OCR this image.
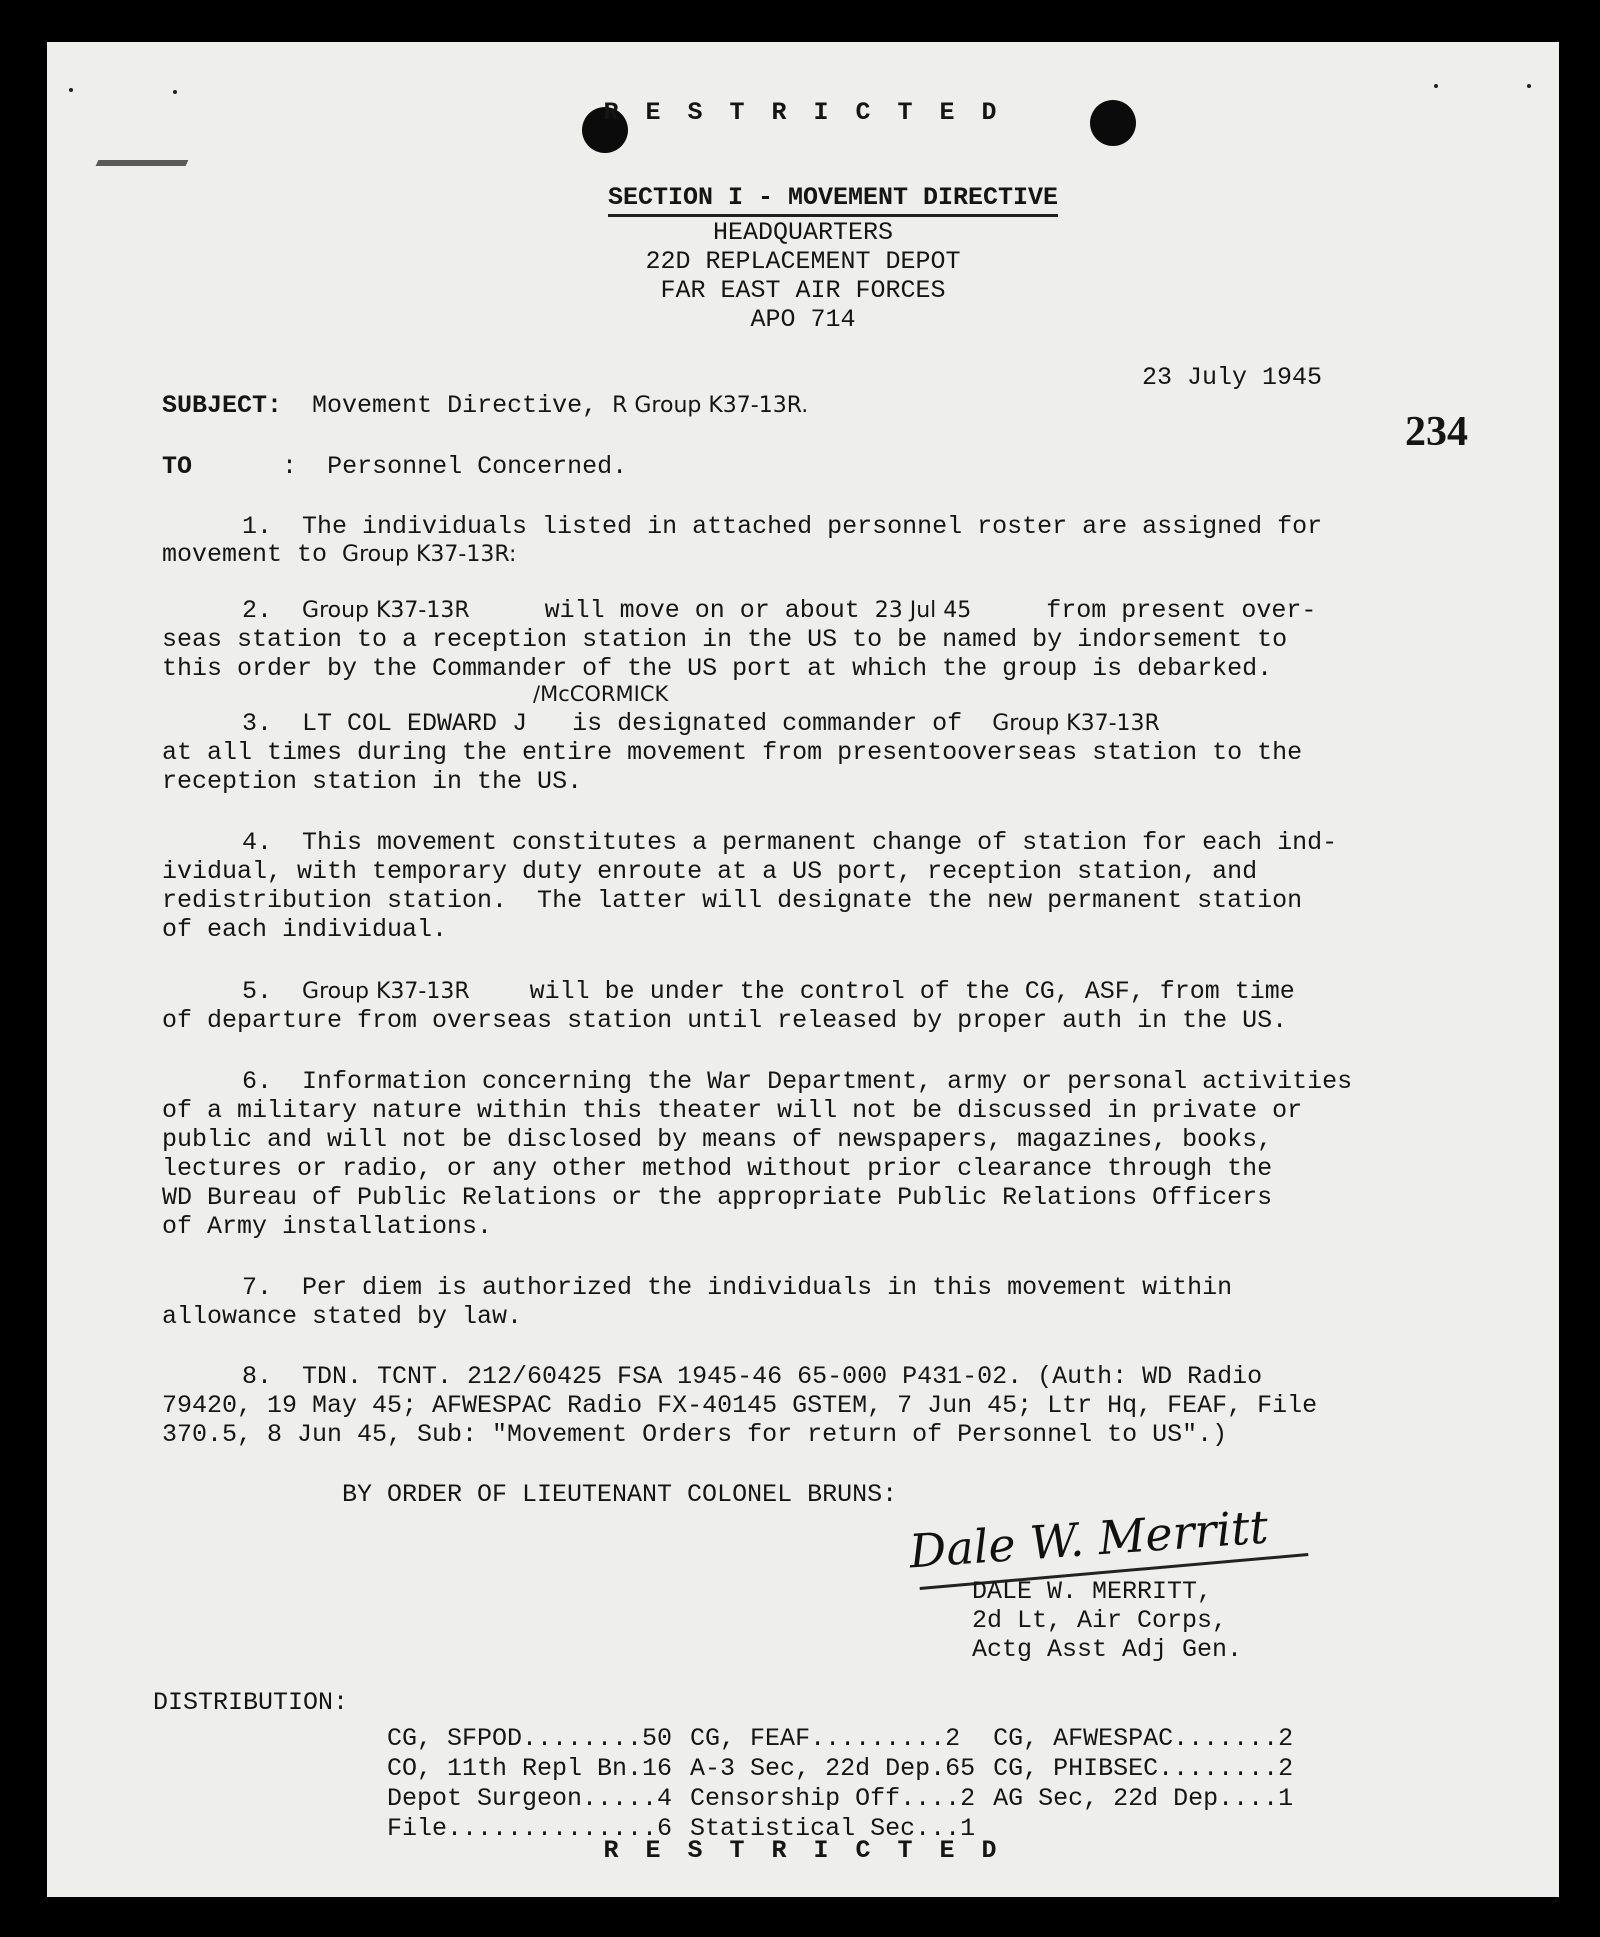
R E S T R I C T E D

SECTION I - MOVEMENT DIRECTIVE

HEADQUARTERS
22D REPLACEMENT DEPOT
FAR EAST AIR FORCES
APO 714
23 July 1945
234
SUBJECT: Movement Directive, R Group K37-13R.
TO	: Personnel Concerned.
1.  The individuals listed in attached personnel roster are assigned for
movement to Group K37-13R:
2. Group K37-13R	will move on or about 23 Jul 45	from present over-
seas station to a reception station in the US to be named by indorsement to
this order by the Commander of the US port at which the group is debarked.
/McCORMICK
3. LT COL EDWARD J is designated commander of Group K37-13R
at all times during the entire movement from presentooverseas station to the
reception station in the US.
4.  This movement constitutes a permanent change of station for each ind-
ividual, with temporary duty enroute at a US port, reception station, and
redistribution station.  The latter will designate the new permanent station
of each individual.
5. Group K37-13R will be under the control of the CG, ASF, from time
of departure from overseas station until released by proper auth in the US.
6.  Information concerning the War Department, army or personal activities
of a military nature within this theater will not be discussed in private or
public and will not be disclosed by means of newspapers, magazines, books,
lectures or radio, or any other method without prior clearance through the
WD Bureau of Public Relations or the appropriate Public Relations Officers
of Army installations.
7.  Per diem is authorized the individuals in this movement within
allowance stated by law.
8.  TDN. TCNT. 212/60425 FSA 1945-46 65-000 P431-02. (Auth: WD Radio
79420, 19 May 45; AFWESPAC Radio FX-40145 GSTEM, 7 Jun 45; Ltr Hq, FEAF, File
370.5, 8 Jun 45, Sub: "Movement Orders for return of Personnel to US".)
BY ORDER OF LIEUTENANT COLONEL BRUNS:
Dale W. Merritt
DALE W. MERRITT,
2d Lt, Air Corps,
Actg Asst Adj Gen.
DISTRIBUTION:

CG, SFPOD........50	CG, FEAF.........2	CG, AFWESPAC.......2
CO, 11th Repl Bn.16	A-3 Sec, 22d Dep.65	CG, PHIBSEC........2
Depot Surgeon.....4	Censorship Off....2	AG Sec, 22d Dep....1
File..............6	Statistical Sec...1	

R E S T R I C T E D
